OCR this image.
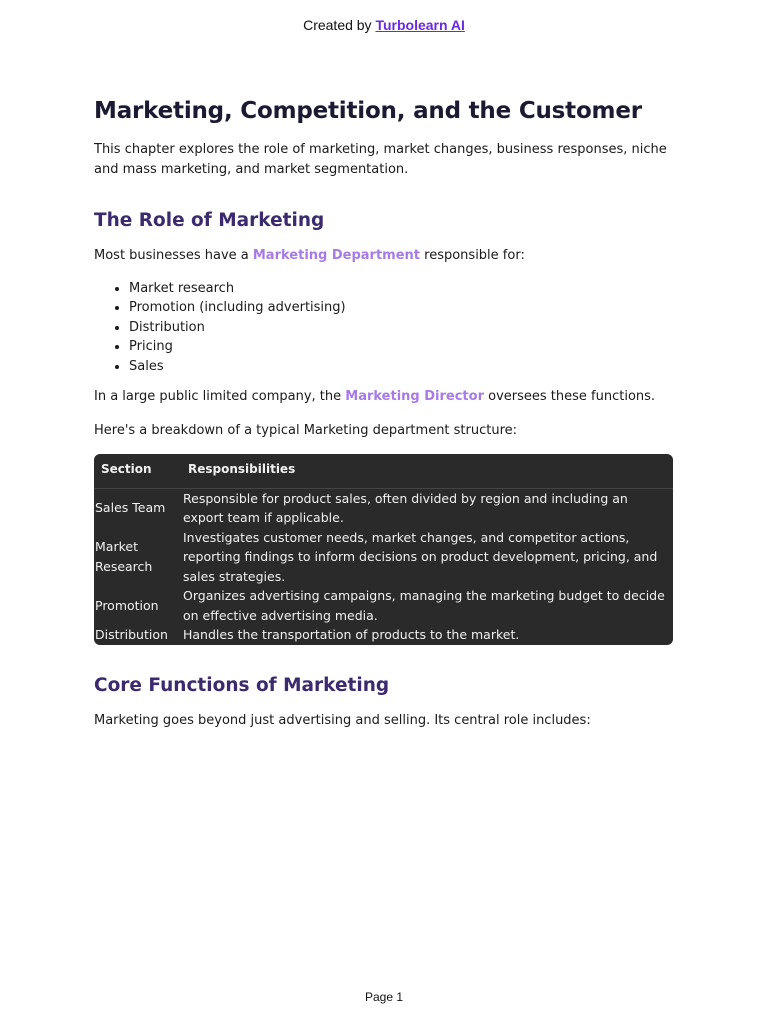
Created by Turbolearn AI
Marketing, Competition, and the Customer

This chapter explores the role of marketing, market changes, business responses, niche and mass marketing, and market segmentation.

The Role of Marketing

Most businesses have a Marketing Department responsible for:

• Market research
• Promotion (including advertising)
• Distribution
• Pricing
• Sales

In a large public limited company, the Marketing Director oversees these functions.

Here's a breakdown of a typical Marketing department structure:

Section	Responsibilities
Sales Team	Responsible for product sales, often divided by region and including an export team if applicable.
Market Research	Investigates customer needs, market changes, and competitor actions, reporting findings to inform decisions on product development, pricing, and sales strategies.
Promotion	Organizes advertising campaigns, managing the marketing budget to decide on effective advertising media.
Distribution	Handles the transportation of products to the market.
Core Functions of Marketing

Marketing goes beyond just advertising and selling. Its central role includes:

Page 1
